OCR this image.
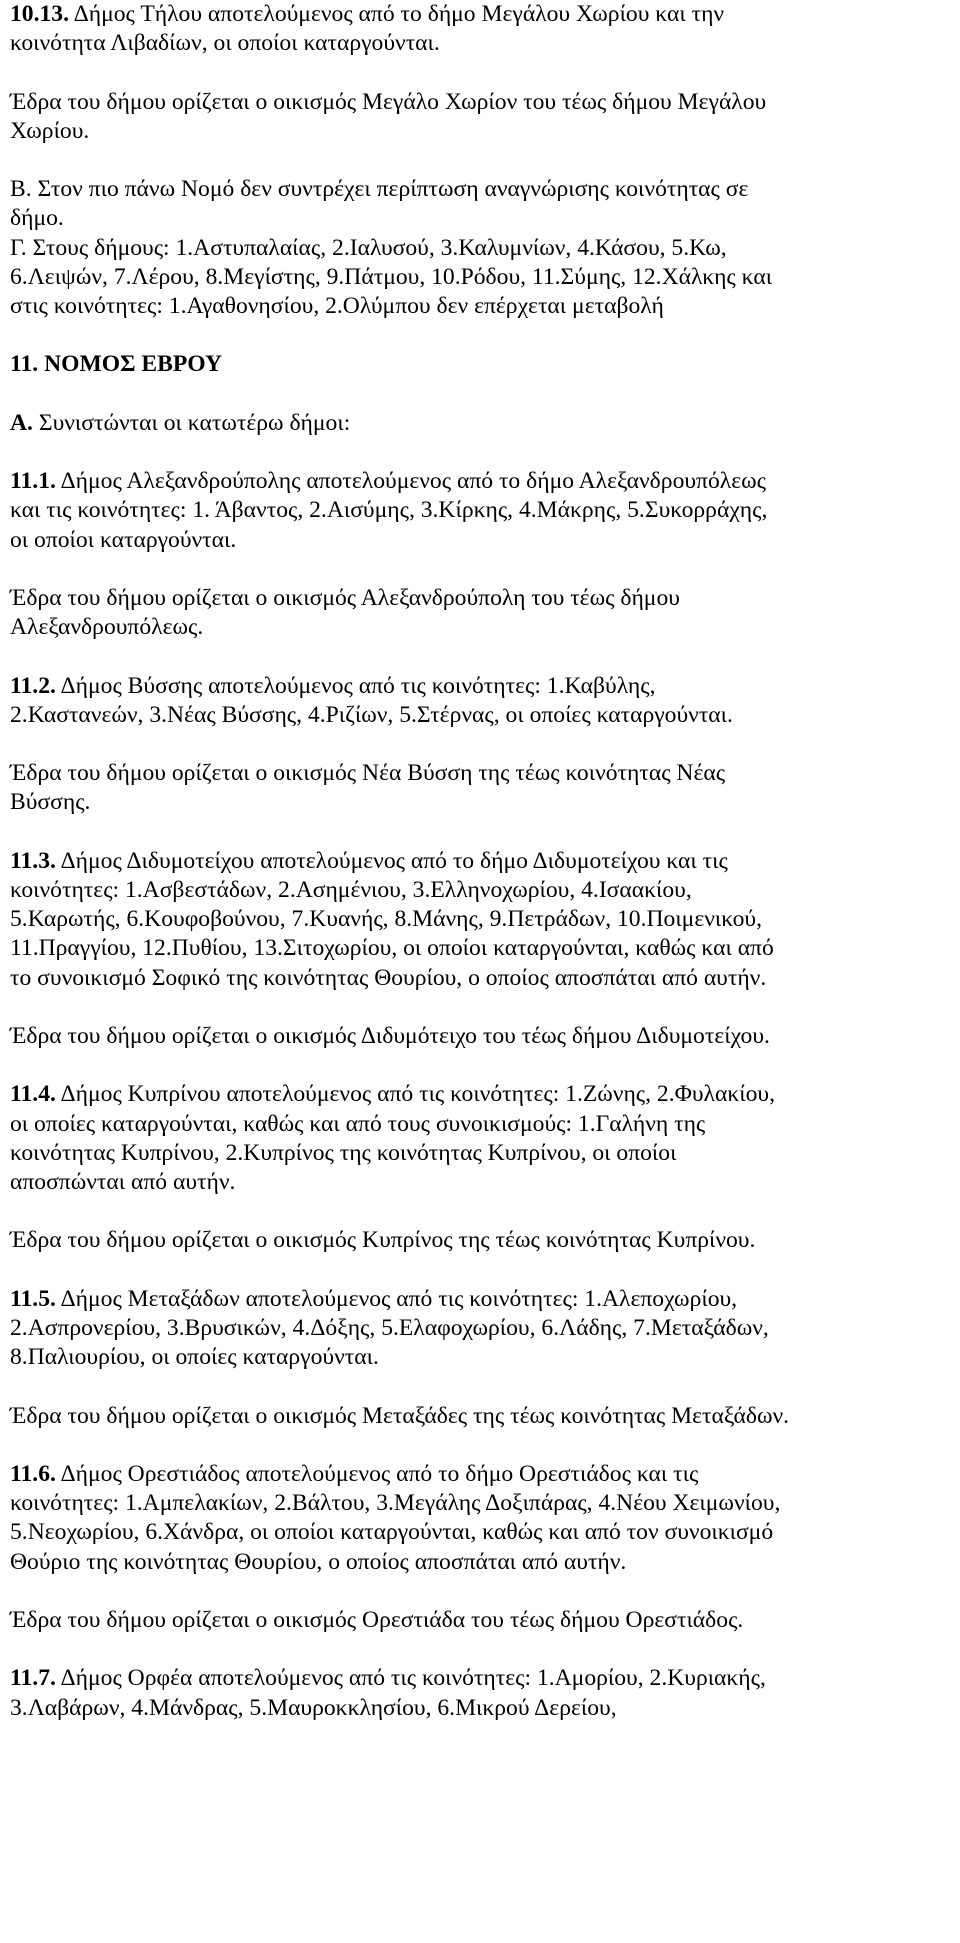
10.13. Δήμος Τήλου αποτελούμενος από το δήμο Μεγάλου Χωρίου και την
κοινότητα Λιβαδίων, οι οποίοι καταργούνται.
Έδρα του δήμου ορίζεται ο οικισμός Μεγάλο Χωρίον του τέως δήμου Μεγάλου
Χωρίου.
Β. Στον πιο πάνω Νομό δεν συντρέχει περίπτωση αναγνώρισης κοινότητας σε
δήμο.
Γ. Στους δήμους: 1.Αστυπαλαίας, 2.Ιαλυσού, 3.Καλυμνίων, 4.Κάσου, 5.Κω,
6.Λειψών, 7.Λέρου, 8.Μεγίστης, 9.Πάτμου, 10.Ρόδου, 11.Σύμης, 12.Χάλκης και
στις κοινότητες: 1.Αγαθονησίου, 2.Ολύμπου δεν επέρχεται μεταβολή
11. ΝΟΜΟΣ ΕΒΡΟΥ
Α. Συνιστώνται οι κατωτέρω δήμοι:
11.1. Δήμος Αλεξανδρούπολης αποτελούμενος από το δήμο Αλεξανδρουπόλεως
και τις κοινότητες: 1. Άβαντος, 2.Αισύμης, 3.Κίρκης, 4.Μάκρης, 5.Συκορράχης,
οι οποίοι καταργούνται.
Έδρα του δήμου ορίζεται ο οικισμός Αλεξανδρούπολη του τέως δήμου
Αλεξανδρουπόλεως.
11.2. Δήμος Βύσσης αποτελούμενος από τις κοινότητες: 1.Καβύλης,
2.Καστανεών, 3.Νέας Βύσσης, 4.Ριζίων, 5.Στέρνας, οι οποίες καταργούνται.
Έδρα του δήμου ορίζεται ο οικισμός Νέα Βύσση της τέως κοινότητας Νέας
Βύσσης.
11.3. Δήμος Διδυμοτείχου αποτελούμενος από το δήμο Διδυμοτείχου και τις
κοινότητες: 1.Ασβεστάδων, 2.Ασημένιου, 3.Ελληνοχωρίου, 4.Ισαακίου,
5.Καρωτής, 6.Κουφοβούνου, 7.Κυανής, 8.Μάνης, 9.Πετράδων, 10.Ποιμενικού,
11.Πραγγίου, 12.Πυθίου, 13.Σιτοχωρίου, οι οποίοι καταργούνται, καθώς και από
το συνοικισμό Σοφικό της κοινότητας Θουρίου, ο οποίος αποσπάται από αυτήν.
Έδρα του δήμου ορίζεται ο οικισμός Διδυμότειχο του τέως δήμου Διδυμοτείχου.
11.4. Δήμος Κυπρίνου αποτελούμενος από τις κοινότητες: 1.Ζώνης, 2.Φυλακίου,
οι οποίες καταργούνται, καθώς και από τους συνοικισμούς: 1.Γαλήνη της
κοινότητας Κυπρίνου, 2.Κυπρίνος της κοινότητας Κυπρίνου, οι οποίοι
αποσπώνται από αυτήν.
Έδρα του δήμου ορίζεται ο οικισμός Κυπρίνος της τέως κοινότητας Κυπρίνου.
11.5. Δήμος Μεταξάδων αποτελούμενος από τις κοινότητες: 1.Αλεποχωρίου,
2.Ασπρονερίου, 3.Βρυσικών, 4.Δόξης, 5.Ελαφοχωρίου, 6.Λάδης, 7.Μεταξάδων,
8.Παλιουρίου, οι οποίες καταργούνται.
Έδρα του δήμου ορίζεται ο οικισμός Μεταξάδες της τέως κοινότητας Μεταξάδων.
11.6. Δήμος Ορεστιάδος αποτελούμενος από το δήμο Ορεστιάδος και τις
κοινότητες: 1.Αμπελακίων, 2.Βάλτου, 3.Μεγάλης Δοξιπάρας, 4.Νέου Χειμωνίου,
5.Νεοχωρίου, 6.Χάνδρα, οι οποίοι καταργούνται, καθώς και από τον συνοικισμό
Θούριο της κοινότητας Θουρίου, ο οποίος αποσπάται από αυτήν.
Έδρα του δήμου ορίζεται ο οικισμός Ορεστιάδα του τέως δήμου Ορεστιάδος.
11.7. Δήμος Ορφέα αποτελούμενος από τις κοινότητες: 1.Αμορίου, 2.Κυριακής,
3.Λαβάρων, 4.Μάνδρας, 5.Μαυροκκλησίου, 6.Μικρού Δερείου,
